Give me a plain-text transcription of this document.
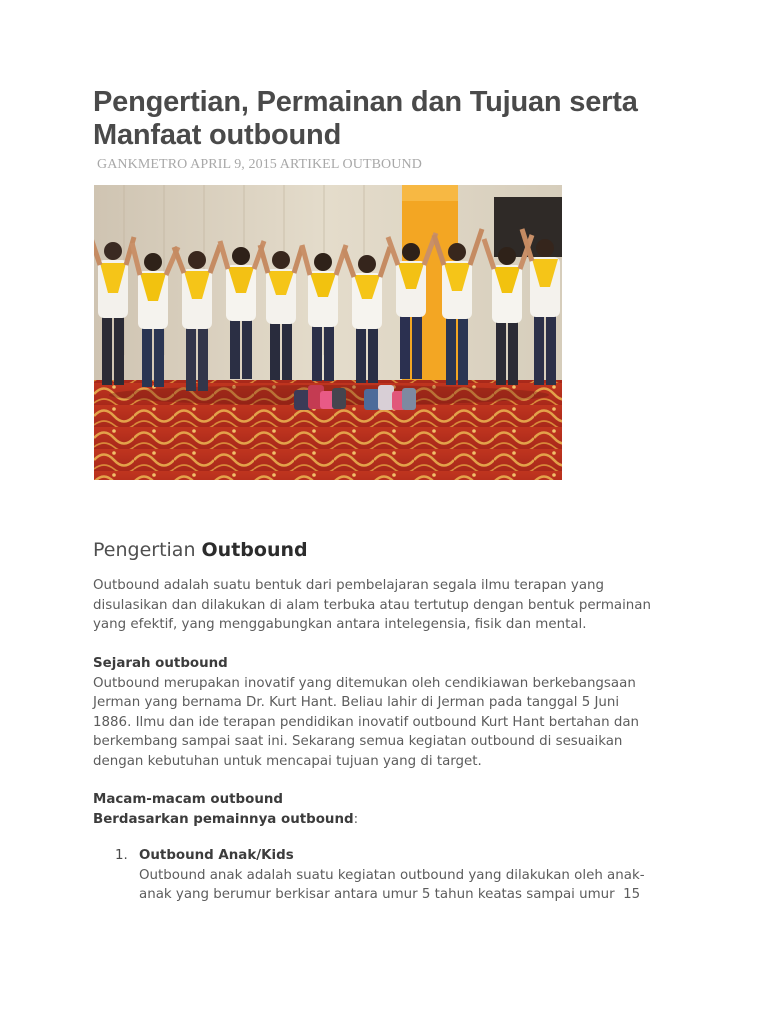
Pengertian, Permainan dan Tujuan serta
Manfaat outbound
GANKMETRO APRIL 9, 2015 ARTIKEL OUTBOUND
Pengertian Outbound

Outbound adalah suatu bentuk dari pembelajaran segala ilmu terapan yang
disulasikan dan dilakukan di alam terbuka atau tertutup dengan bentuk permainan
yang efektif, yang menggabungkan antara intelegensia, fisik dan mental.

Sejarah outbound
Outbound merupakan inovatif yang ditemukan oleh cendikiawan berkebangsaan
Jerman yang bernama Dr. Kurt Hant. Beliau lahir di Jerman pada tanggal 5 Juni
1886. Ilmu dan ide terapan pendidikan inovatif outbound Kurt Hant bertahan dan
berkembang sampai saat ini. Sekarang semua kegiatan outbound di sesuaikan
dengan kebutuhan untuk mencapai tujuan yang di target.

Macam-macam outbound
Berdasarkan pemainnya outbound:

1. Outbound Anak/Kids
Outbound anak adalah suatu kegiatan outbound yang dilakukan oleh anak-
anak yang berumur berkisar antara umur 5 tahun keatas sampai umur  15
